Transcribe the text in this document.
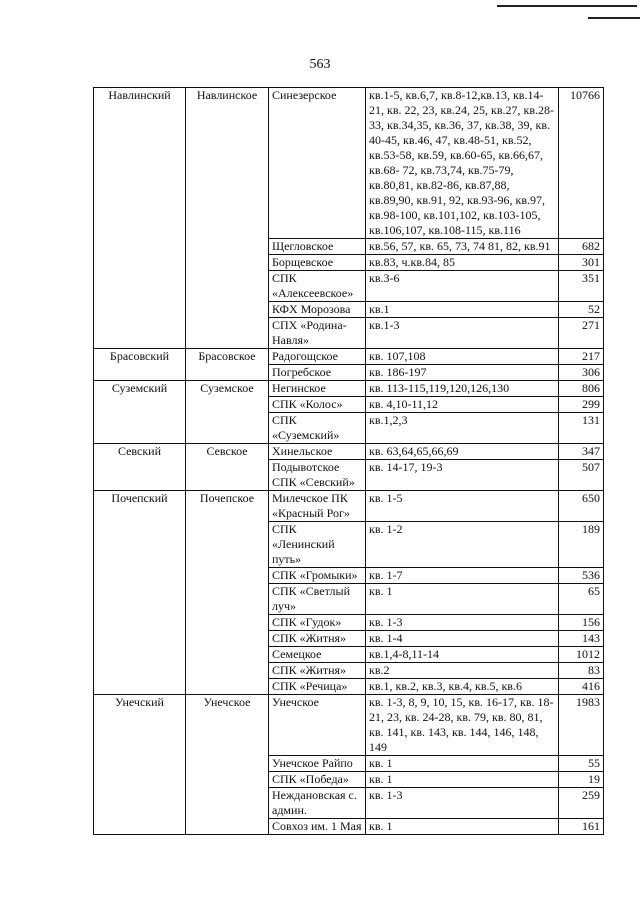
563
Навлинский	Навлинское	Синезерское	кв.1-5, кв.6,7, кв.8-12,кв.13, кв.14-21, кв. 22, 23, кв.24, 25, кв.27, кв.28-33, кв.34,35, кв.36, 37, кв.38, 39, кв. 40-45, кв.46, 47, кв.48-51, кв.52, кв.53-58, кв.59, кв.60-65, кв.66,67, кв.68- 72, кв.73,74, кв.75-79, кв.80,81, кв.82-86, кв.87,88, кв.89,90, кв.91, 92, кв.93-96, кв.97, кв.98-100, кв.101,102, кв.103-105, кв.106,107, кв.108-115, кв.116	10766
		Щегловское	кв.56, 57, кв. 65, 73, 74 81, 82, кв.91	682
		Борщевское	кв.83, ч.кв.84, 85	301
		СПК «Алексеевское»	кв.3-6	351
		КФХ Морозова	кв.1	52
		СПХ «Родина-Навля»	кв.1-3	271
Брасовский	Брасовское	Радогощское	кв. 107,108	217
		Погребское	кв. 186-197	306
Суземский	Суземское	Негинское	кв. 113-115,119,120,126,130	806
		СПК «Колос»	кв. 4,10-11,12	299
		СПК «Суземский»	кв.1,2,3	131
Севский	Севское	Хинельское	кв. 63,64,65,66,69	347
		Подывотское СПК «Севский»	кв. 14-17, 19-3	507
Почепский	Почепское	Милечское ПК «Красный Рог»	кв. 1-5	650
		СПК «Ленинский путь»	кв. 1-2	189
		СПК «Громыки»	кв. 1-7	536
		СПК «Светлый луч»	кв. 1	65
		СПК «Гудок»	кв. 1-3	156
		СПК «Житня»	кв. 1-4	143
		Семецкое	кв.1,4-8,11-14	1012
		СПК «Житня»	кв.2	83
		СПК «Речица»	кв.1, кв.2, кв.3, кв.4, кв.5, кв.6	416
Унечский	Унечское	Унечское	кв. 1-3, 8, 9, 10, 15, кв. 16-17, кв. 18-21, 23, кв. 24-28, кв. 79, кв. 80, 81, кв. 141, кв. 143, кв. 144, 146, 148, 149	1983
		Унечское Райпо	кв. 1	55
		СПК «Победа»	кв. 1	19
		Неждановская с. админ.	кв. 1-3	259
		Совхоз им. 1 Мая	кв. 1	161
